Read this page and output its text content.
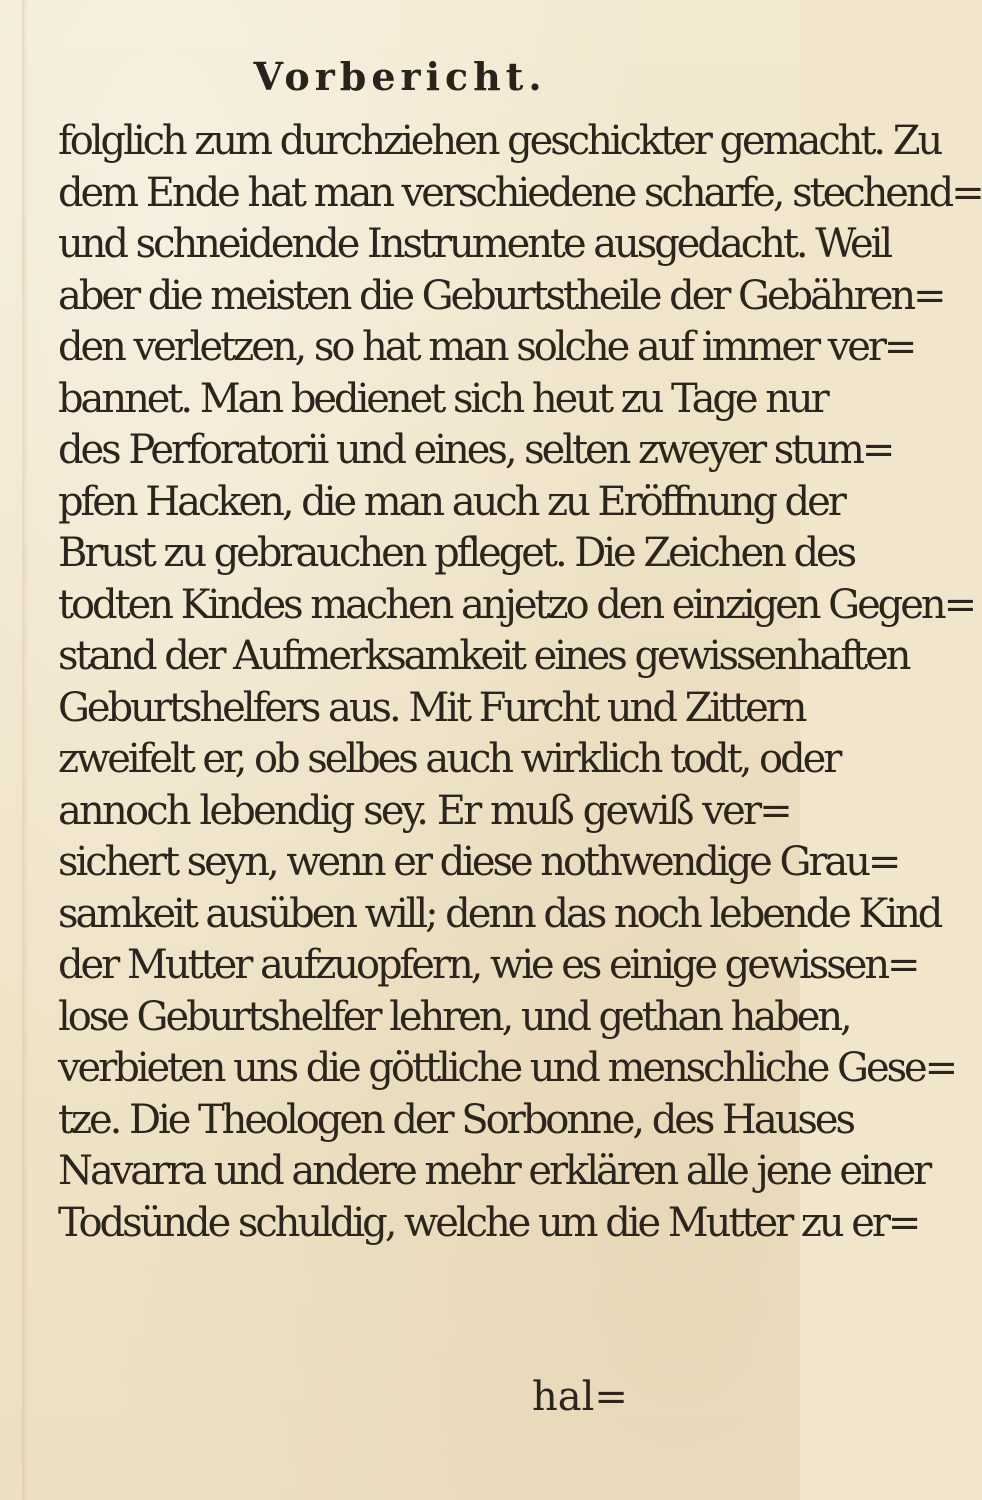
Vorbericht.
folglich zum durchziehen geschickter gemacht. Zu
dem Ende hat man verschiedene scharfe, stechend=
und schneidende Instrumente ausgedacht. Weil
aber die meisten die Geburtstheile der Gebähren=
den verletzen, so hat man solche auf immer ver=
bannet. Man bedienet sich heut zu Tage nur
des Perforatorii und eines, selten zweyer stum=
pfen Hacken, die man auch zu Eröffnung der
Brust zu gebrauchen pfleget. Die Zeichen des
todten Kindes machen anjetzo den einzigen Gegen=
stand der Aufmerksamkeit eines gewissenhaften
Geburtshelfers aus. Mit Furcht und Zittern
zweifelt er, ob selbes auch wirklich todt, oder
annoch lebendig sey. Er muß gewiß ver=
sichert seyn, wenn er diese nothwendige Grau=
samkeit ausüben will; denn das noch lebende Kind
der Mutter aufzuopfern, wie es einige gewissen=
lose Geburtshelfer lehren, und gethan haben,
verbieten uns die göttliche und menschliche Gese=
tze. Die Theologen der Sorbonne, des Hauses
Navarra und andere mehr erklären alle jene einer
Todsünde schuldig, welche um die Mutter zu er=
hal=
